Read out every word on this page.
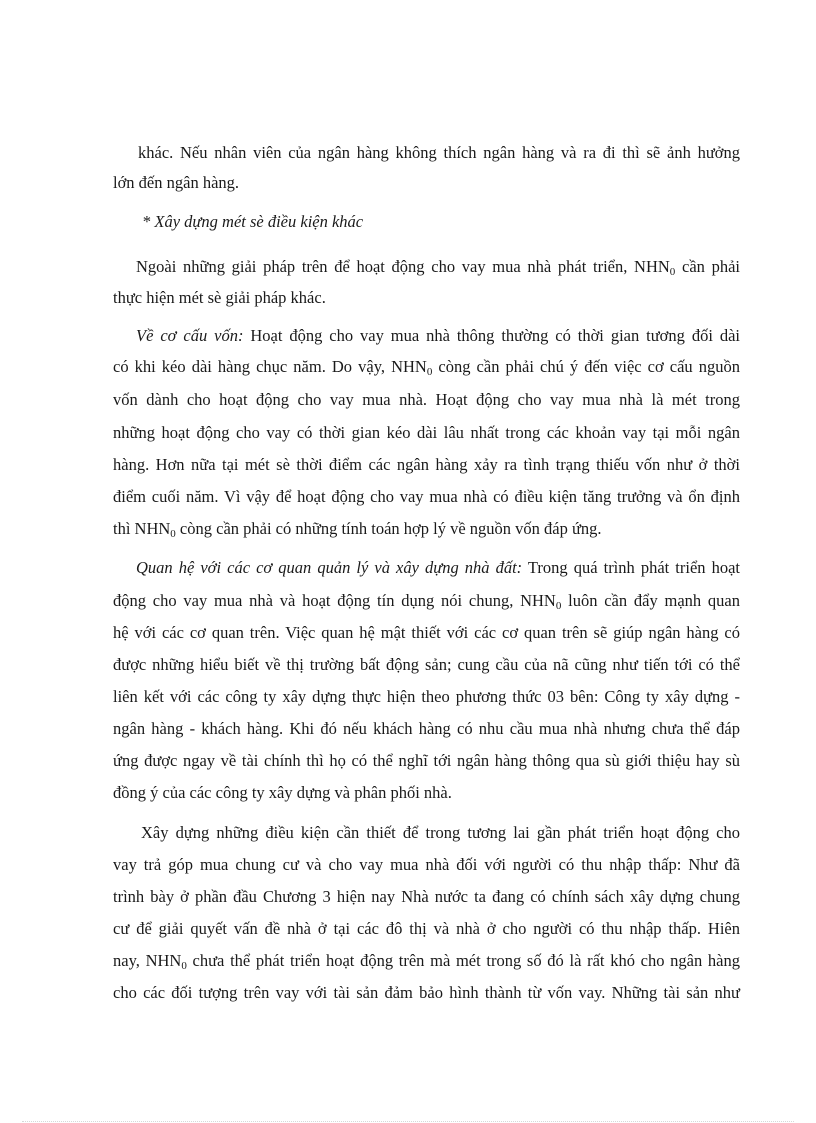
khác. Nếu nhân viên của ngân hàng không thích ngân hàng và ra đi thì sẽ ảnh hưởng
lớn đến ngân hàng.
* Xây dựng mét sè điều kiện khác
Ngoài những giải pháp trên để hoạt động cho vay mua nhà phát triển, $NHN_0$ cần phải
thực hiện mét sè giải pháp khác.
Về cơ cấu vốn: Hoạt động cho vay mua nhà thông thường có thời gian tương đối dài
có khi kéo dài hàng chục năm. Do vậy, $NHN_0$ còng cần phải chú ý đến việc cơ cấu nguồn
vốn dành cho hoạt động cho vay mua nhà. Hoạt động cho vay mua nhà là mét trong
những hoạt động cho vay có thời gian kéo dài lâu nhất trong các khoản vay tại mỗi ngân
hàng. Hơn nữa tại mét sè thời điểm các ngân hàng xảy ra tình trạng thiếu vốn như ở thời
điểm cuối năm. Vì vậy để hoạt động cho vay mua nhà có điều kiện tăng trưởng và ổn định
thì $NHN_0$ còng cần phải có những tính toán hợp lý về nguồn vốn đáp ứng.
Quan hệ với các cơ quan quản lý và xây dựng nhà đất: Trong quá trình phát triển hoạt
động cho vay mua nhà và hoạt động tín dụng nói chung, $NHN_0$ luôn cần đẩy mạnh quan
hệ với các cơ quan trên. Việc quan hệ mật thiết với các cơ quan trên sẽ giúp ngân hàng có
được những hiểu biết về thị trường bất động sản; cung cầu của nã cũng như tiến tới có thể
liên kết với các công ty xây dựng thực hiện theo phương thức 03 bên: Công ty xây dựng -
ngân hàng - khách hàng. Khi đó nếu khách hàng có nhu cầu mua nhà nhưng chưa thể đáp
ứng được ngay về tài chính thì họ có thể nghĩ tới ngân hàng thông qua sù giới thiệu hay sù
đồng ý của các công ty xây dựng và phân phối nhà.
Xây dựng những điều kiện cần thiết để trong tương lai gần phát triển hoạt động cho
vay trả góp mua chung cư và cho vay mua nhà đối với người có thu nhập thấp: Như đã
trình bày ở phần đầu Chương 3 hiện nay Nhà nước ta đang có chính sách xây dựng chung
cư để giải quyết vấn đề nhà ở tại các đô thị và nhà ở cho người có thu nhập thấp. Hiên
nay, $NHN_0$ chưa thể phát triển hoạt động trên mà mét trong số đó là rất khó cho ngân hàng
cho các đối tượng trên vay với tài sản đảm bảo hình thành từ vốn vay. Những tài sản như
